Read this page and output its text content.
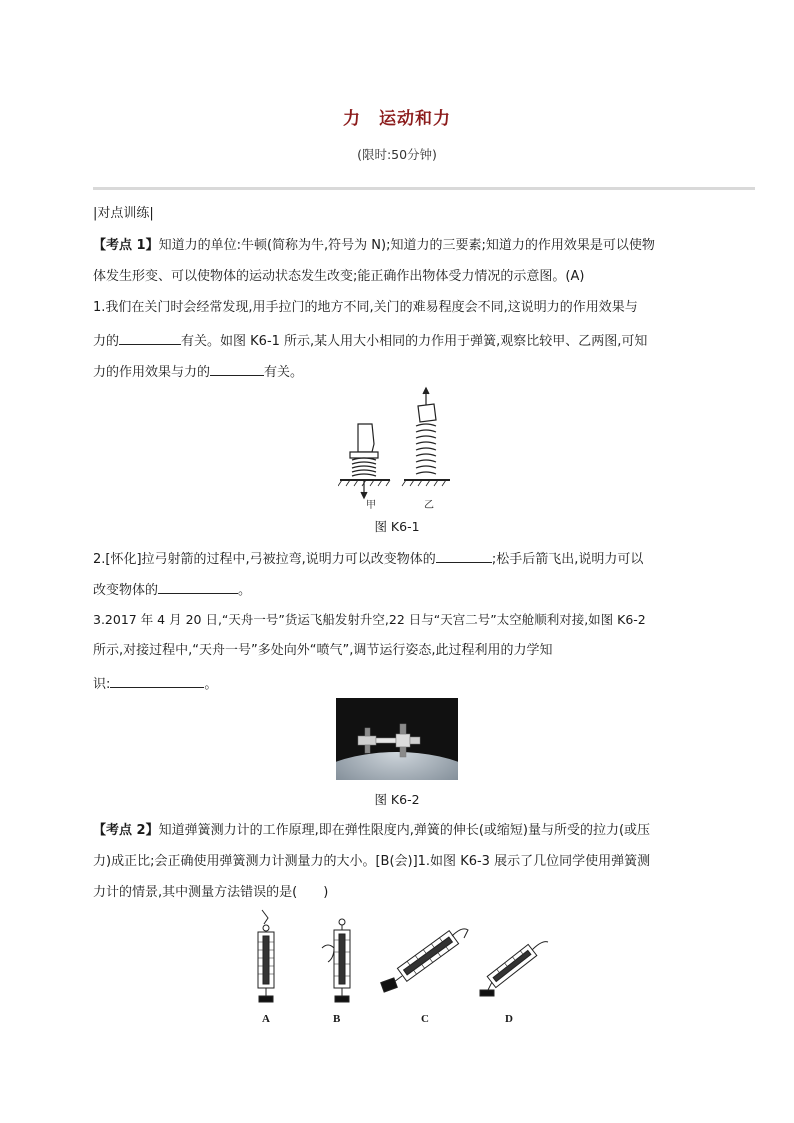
力　运动和力
(限时:50分钟)
|对点训练|
【考点 1】知道力的单位:牛顿(简称为牛,符号为 N);知道力的三要素;知道力的作用效果是可以使物
体发生形变、可以使物体的运动状态发生改变;能正确作出物体受力情况的示意图。(A)
1.我们在关门时会经常发现,用手拉门的地方不同,关门的难易程度会不同,这说明力的作用效果与
力的	有关。如图 K6-1 所示,某人用大小相同的力作用于弹簧,观察比较甲、乙两图,可知
力的作用效果与力的	有关。
甲	乙
图 K6-1
2.[怀化]拉弓射箭的过程中,弓被拉弯,说明力可以改变物体的	;松手后箭飞出,说明力可以
改变物体的	。
3.2017 年 4 月 20 日,“天舟一号”货运飞船发射升空,22 日与“天宫二号”太空舱顺利对接,如图 K6-2
所示,对接过程中,“天舟一号”多处向外“喷气”,调节运行姿态,此过程利用的力学知
识:	。
图 K6-2
【考点 2】知道弹簧测力计的工作原理,即在弹性限度内,弹簧的伸长(或缩短)量与所受的拉力(或压
力)成正比;会正确使用弹簧测力计测量力的大小。[B(会)]1.如图 K6-3 展示了几位同学使用弹簧测
力计的情景,其中测量方法错误的是(　　)
A	B	C	D
